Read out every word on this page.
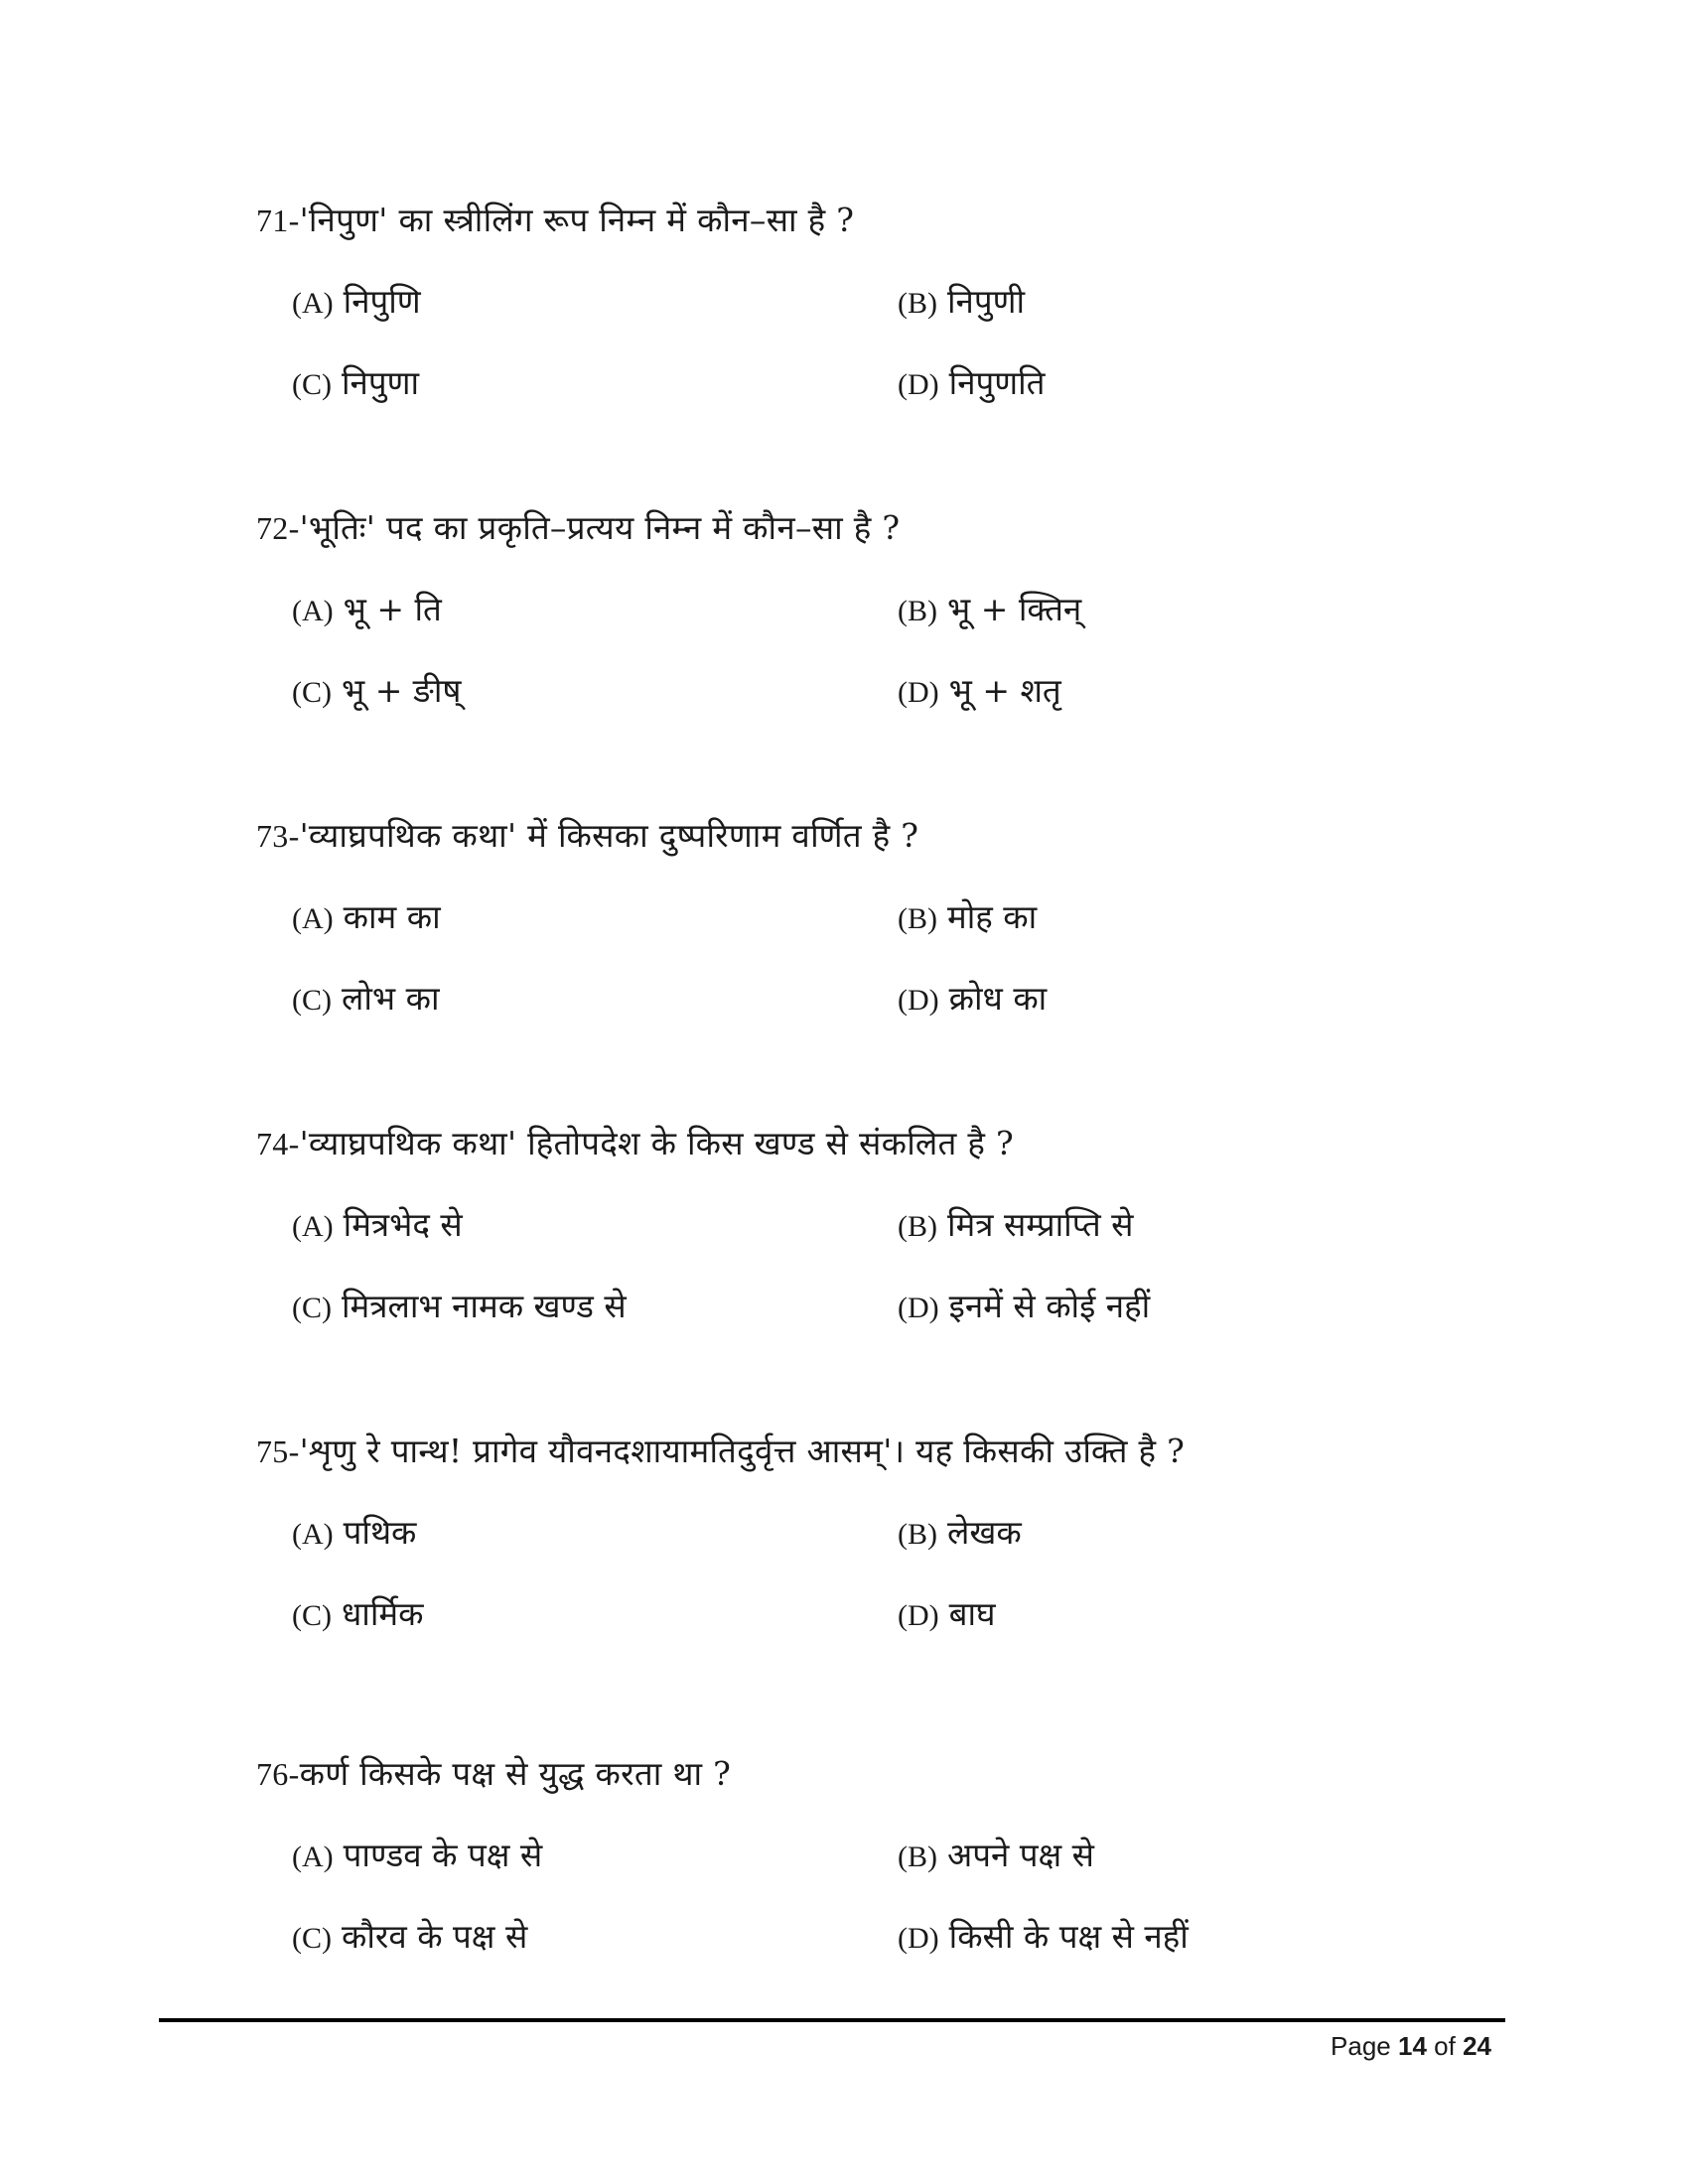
71-'निपुण' का स्त्रीलिंग रूप निम्न में कौन–सा है ?
(A) निपुणि	(B) निपुणी
(C) निपुणा	(D) निपुणति
72-'भूतिः' पद का प्रकृति–प्रत्यय निम्न में कौन–सा है ?
(A) भू + ति	(B) भू + क्तिन्
(C) भू + ङीष्	(D) भू + शतृ
73-'व्याघ्रपथिक कथा' में किसका दुष्परिणाम वर्णित है ?
(A) काम का	(B) मोह का
(C) लोभ का	(D) क्रोध का
74-'व्याघ्रपथिक कथा' हितोपदेश के किस खण्ड से संकलित है ?
(A) मित्रभेद से	(B) मित्र सम्प्राप्ति से
(C) मित्रलाभ नामक खण्ड से	(D) इनमें से कोई नहीं
75-'शृणु रे पान्थ! प्रागेव यौवनदशायामतिदुर्वृत्त आसम्'। यह किसकी उक्ति है ?
(A) पथिक	(B) लेखक
(C) धार्मिक	(D) बाघ
76-कर्ण किसके पक्ष से युद्ध करता था ?
(A) पाण्डव के पक्ष से	(B) अपने पक्ष से
(C) कौरव के पक्ष से	(D) किसी के पक्ष से नहीं
Page 14 of 24
